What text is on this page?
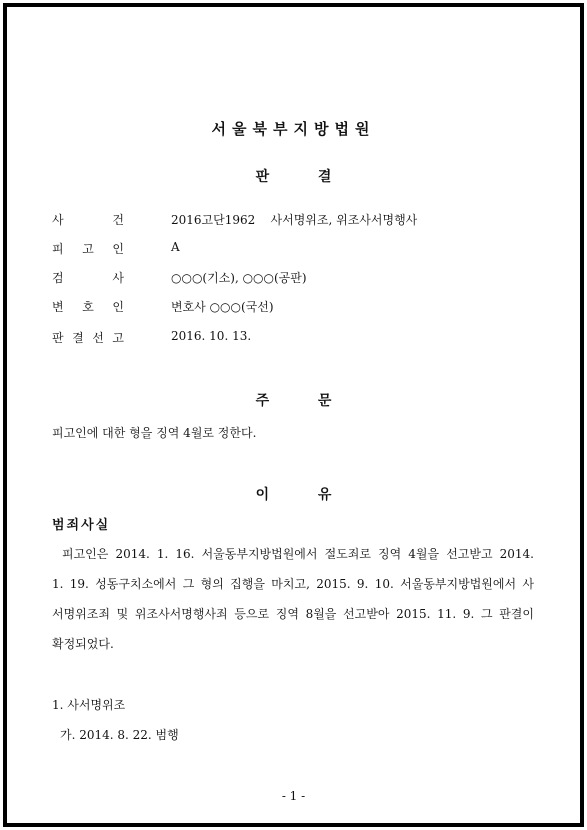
서울북부지방법원
판          결
사	건	2016고단1962    사서명위조, 위조사서명행사
피 고 인	A
검	사	○○○(기소), ○○○(공판)
변 호 인	변호사 ○○○(국선)
판 결 선 고	2016. 10. 13.
주          문
피고인에 대한 형을 징역 4월로 정한다.
이          유
범죄사실
피고인은 2014. 1. 16. 서울동부지방법원에서 절도죄로 징역 4월을 선고받고 2014.
1. 19. 성동구치소에서 그 형의 집행을 마치고, 2015. 9. 10. 서울동부지방법원에서 사
서명위조죄 및 위조사서명행사죄 등으로 징역 8월을 선고받아 2015. 11. 9. 그 판결이
확정되었다.
1. 사서명위조
가. 2014. 8. 22. 범행
- 1 -
